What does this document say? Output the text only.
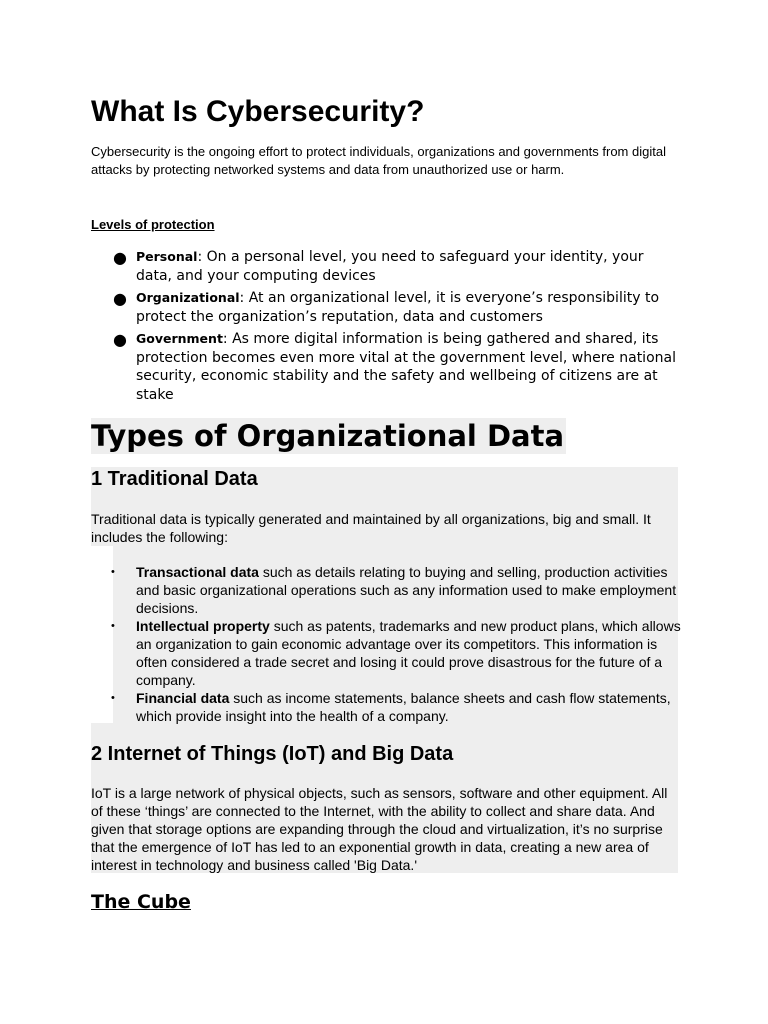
What Is Cybersecurity?

Cybersecurity is the ongoing effort to protect individuals, organizations and governments from digital attacks by protecting networked systems and data from unauthorized use or harm.

Levels of protection

● Personal: On a personal level, you need to safeguard your identity, your data, and your computing devices
● Organizational: At an organizational level, it is everyone’s responsibility to protect the organization’s reputation, data and customers
● Government: As more digital information is being gathered and shared, its protection becomes even more vital at the government level, where national security, economic stability and the safety and wellbeing of citizens are at stake
Types of Organizational Data
1 Traditional Data

Traditional data is typically generated and maintained by all organizations, big and small. It includes the following:

• Transactional data such as details relating to buying and selling, production activities and basic organizational operations such as any information used to make employment decisions.
• Intellectual property such as patents, trademarks and new product plans, which allows an organization to gain economic advantage over its competitors. This information is often considered a trade secret and losing it could prove disastrous for the future of a company.
• Financial data such as income statements, balance sheets and cash flow statements, which provide insight into the health of a company.
2 Internet of Things (IoT) and Big Data

IoT is a large network of physical objects, such as sensors, software and other equipment. All of these ‘things’ are connected to the Internet, with the ability to collect and share data. And given that storage options are expanding through the cloud and virtualization, it’s no surprise that the emergence of IoT has led to an exponential growth in data, creating a new area of interest in technology and business called 'Big Data.'

The Cube
